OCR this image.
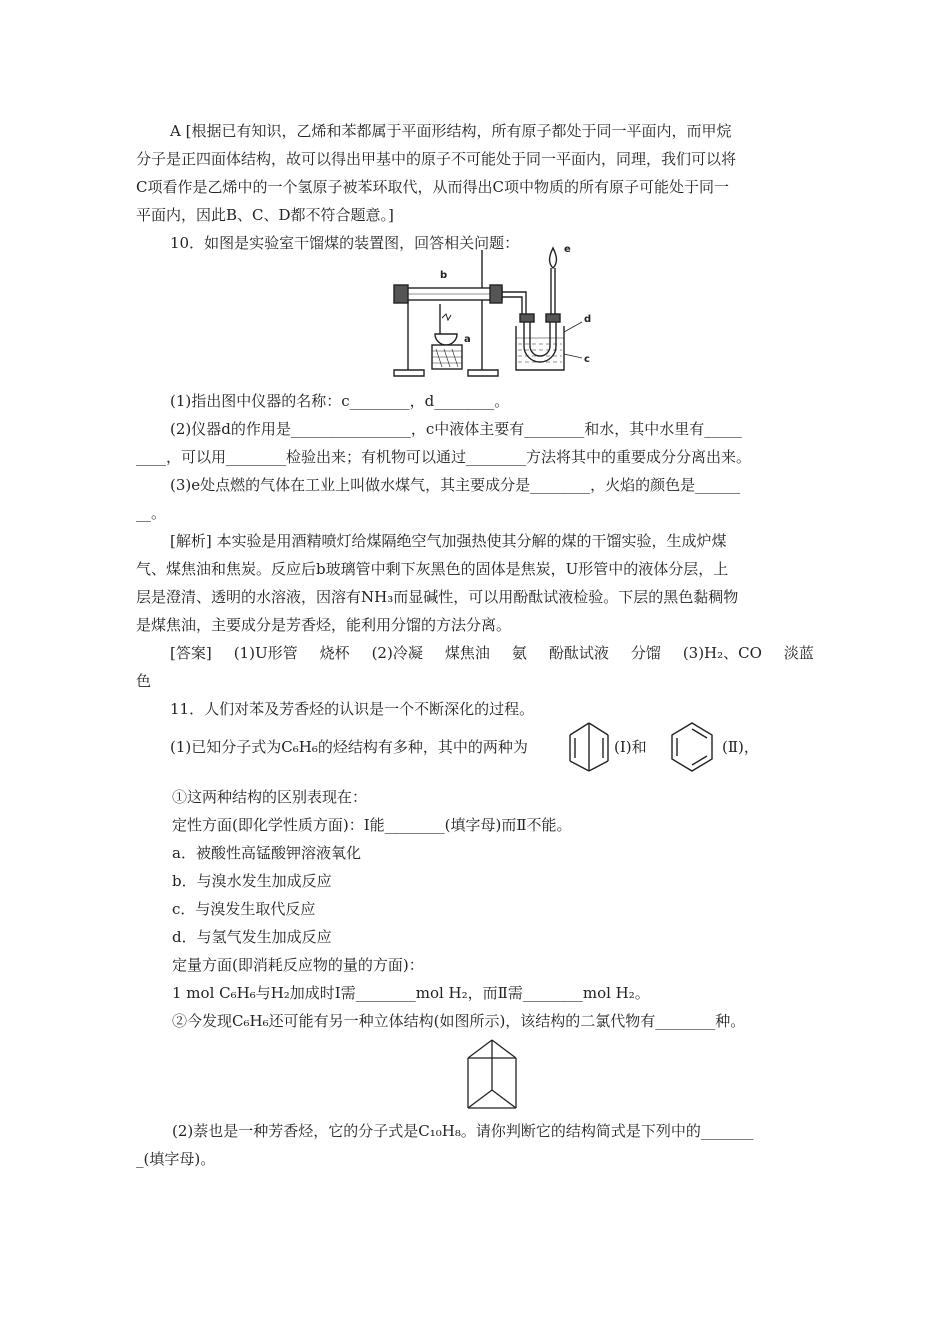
A [根据已有知识，乙烯和苯都属于平面形结构，所有原子都处于同一平面内，而甲烷
分子是正四面体结构，故可以得出甲基中的原子不可能处于同一平面内，同理，我们可以将
C项看作是乙烯中的一个氢原子被苯环取代，从而得出C项中物质的所有原子可能处于同一
平面内，因此B、C、D都不符合题意。]
10．如图是实验室干馏煤的装置图，回答相关问题：
b
a
d
c
e
(1)指出图中仪器的名称：c________，d________。
(2)仪器d的作用是________________，c中液体主要有________和水，其中水里有_____
____，可以用________检验出来；有机物可以通过________方法将其中的重要成分分离出来。
(3)e处点燃的气体在工业上叫做水煤气，其主要成分是________，火焰的颜色是______
__。
[解析] 本实验是用酒精喷灯给煤隔绝空气加强热使其分解的煤的干馏实验，生成炉煤
气、煤焦油和焦炭。反应后b玻璃管中剩下灰黑色的固体是焦炭，U形管中的液体分层，上
层是澄清、透明的水溶液，因溶有NH₃而显碱性，可以用酚酞试液检验。下层的黑色黏稠物
是煤焦油，主要成分是芳香烃，能利用分馏的方法分离。
[答案] (1)U形管 烧杯 (2)冷凝 煤焦油 氨 酚酞试液 分馏 (3)H₂、CO 淡蓝
色
11．人们对苯及芳香烃的认识是一个不断深化的过程。
(1)已知分子式为C₆H₆的烃结构有多种，其中的两种为	(Ⅰ)和	(Ⅱ)，
①这两种结构的区别表现在：
定性方面(即化学性质方面)：Ⅰ能________(填字母)而Ⅱ不能。
a．被酸性高锰酸钾溶液氧化
b．与溴水发生加成反应
c．与溴发生取代反应
d．与氢气发生加成反应
定量方面(即消耗反应物的量的方面)：
1 mol C₆H₆与H₂加成时Ⅰ需________mol H₂，而Ⅱ需________mol H₂。
②今发现C₆H₆还可能有另一种立体结构(如图所示)，该结构的二氯代物有________种。
(2)萘也是一种芳香烃，它的分子式是C₁₀H₈。请你判断它的结构简式是下列中的_______
_(填字母)。
